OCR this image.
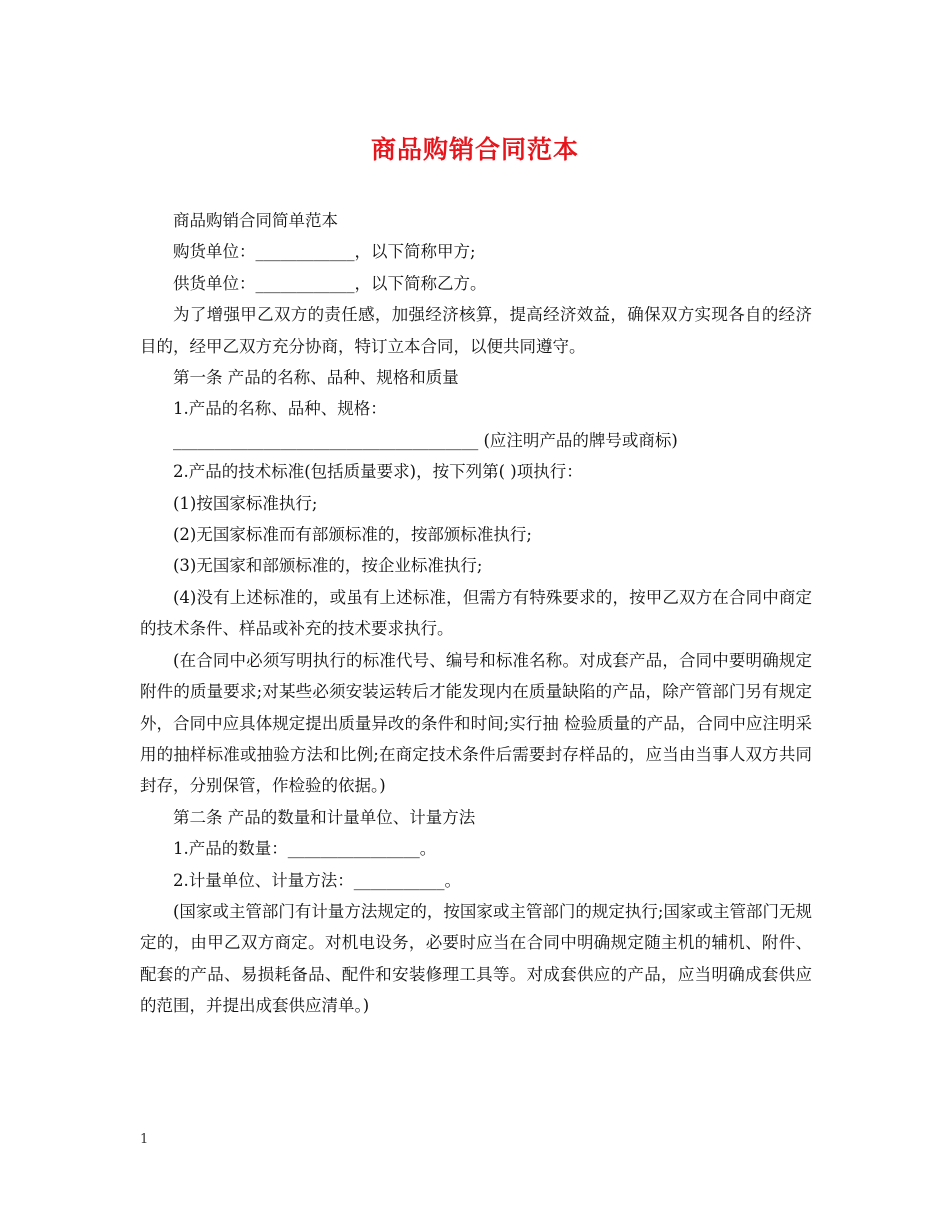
商品购销合同范本

商品购销合同简单范本

购货单位：____________，以下简称甲方;

供货单位：____________，以下简称乙方。

为了增强甲乙双方的责任感，加强经济核算，提高经济效益，确保双方实现各自的经济目的，经甲乙双方充分协商，特订立本合同，以便共同遵守。

第一条 产品的名称、品种、规格和质量

1.产品的名称、品种、规格：

_____________________________________ (应注明产品的牌号或商标)

2.产品的技术标准(包括质量要求)，按下列第( )项执行：

(1)按国家标准执行;

(2)无国家标准而有部颁标准的，按部颁标准执行;

(3)无国家和部颁标准的，按企业标准执行;

(4)没有上述标准的，或虽有上述标准，但需方有特殊要求的，按甲乙双方在合同中商定的技术条件、样品或补充的技术要求执行。

(在合同中必须写明执行的标准代号、编号和标准名称。对成套产品，合同中要明确规定附件的质量要求;对某些必须安装运转后才能发现内在质量缺陷的产品，除产管部门另有规定外，合同中应具体规定提出质量异改的条件和时间;实行抽 检验质量的产品，合同中应注明采用的抽样标准或抽验方法和比例;在商定技术条件后需要封存样品的，应当由当事人双方共同封存，分别保管，作检验的依据。)

第二条 产品的数量和计量单位、计量方法

1.产品的数量：________________。

2.计量单位、计量方法：___________。

(国家或主管部门有计量方法规定的，按国家或主管部门的规定执行;国家或主管部门无规定的，由甲乙双方商定。对机电设务，必要时应当在合同中明确规定随主机的辅机、附件、配套的产品、易损耗备品、配件和安装修理工具等。对成套供应的产品，应当明确成套供应的范围，并提出成套供应清单。)

1
